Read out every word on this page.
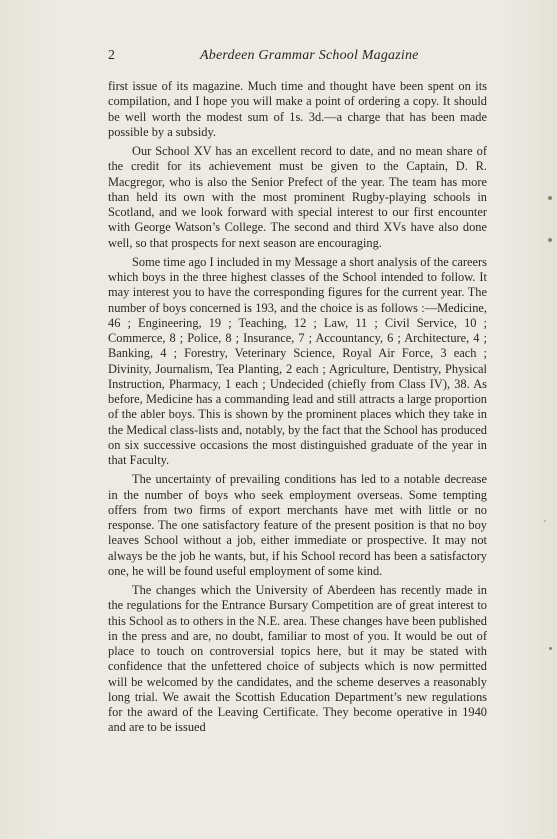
2	Aberdeen Grammar School Magazine

first issue of its magazine. Much time and thought have been spent on its compilation, and I hope you will make a point of ordering a copy. It should be well worth the modest sum of 1s. 3d.—a charge that has been made possible by a subsidy.

Our School XV has an excellent record to date, and no mean share of the credit for its achievement must be given to the Captain, D. R. Macgregor, who is also the Senior Prefect of the year. The team has more than held its own with the most prominent Rugby-playing schools in Scotland, and we look forward with special interest to our first encounter with George Watson’s College. The second and third XVs have also done well, so that prospects for next season are encouraging.

Some time ago I included in my Message a short analysis of the careers which boys in the three highest classes of the School intended to follow. It may interest you to have the corresponding figures for the current year. The number of boys concerned is 193, and the choice is as follows :—Medicine, 46 ; Engineering, 19 ; Teaching, 12 ; Law, 11 ; Civil Service, 10 ; Commerce, 8 ; Police, 8 ; Insurance, 7 ; Accountancy, 6 ; Architecture, 4 ; Banking, 4 ; Forestry, Veterinary Science, Royal Air Force, 3 each ; Divinity, Journalism, Tea Planting, 2 each ; Agriculture, Dentistry, Physical Instruction, Pharmacy, 1 each ; Undecided (chiefly from Class IV), 38. As before, Medicine has a commanding lead and still attracts a large proportion of the abler boys. This is shown by the prominent places which they take in the Medical class-lists and, notably, by the fact that the School has produced on six successive occasions the most distinguished graduate of the year in that Faculty.

The uncertainty of prevailing conditions has led to a notable decrease in the number of boys who seek employment overseas. Some tempting offers from two firms of export merchants have met with little or no response. The one satisfactory feature of the present position is that no boy leaves School without a job, either immediate or prospective. It may not always be the job he wants, but, if his School record has been a satisfactory one, he will be found useful employment of some kind.

The changes which the University of Aberdeen has recently made in the regulations for the Entrance Bursary Competition are of great interest to this School as to others in the N.E. area. These changes have been published in the press and are, no doubt, familiar to most of you. It would be out of place to touch on controversial topics here, but it may be stated with confidence that the unfettered choice of subjects which is now permitted will be welcomed by the candidates, and the scheme deserves a reasonably long trial. We await the Scottish Education Department’s new regulations for the award of the Leaving Certificate. They become operative in 1940 and are to be issued
